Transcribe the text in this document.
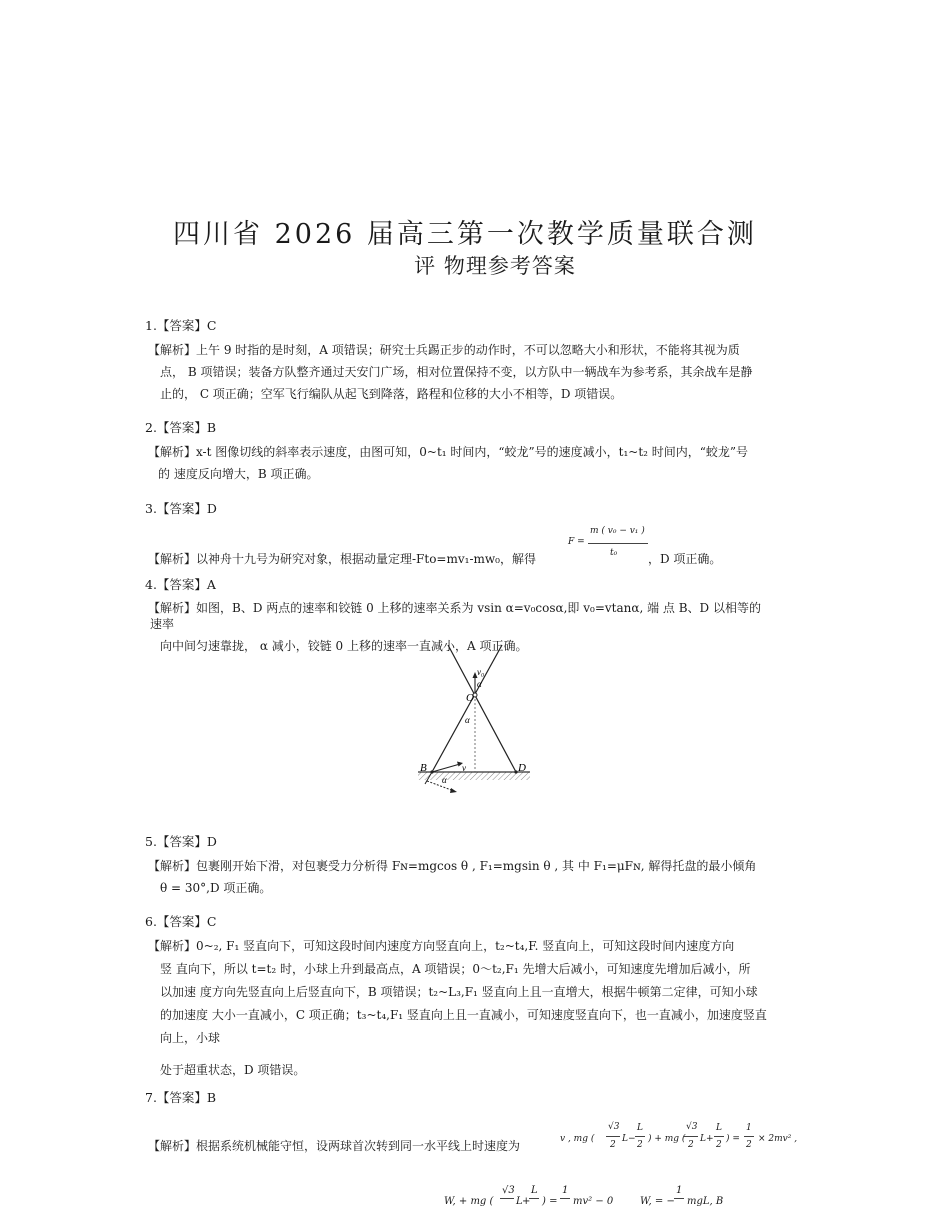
四川省 2026 届高三第一次教学质量联合测
评 物理参考答案
1.【答案】C
【解析】上午 9 时指的是时刻，A 项错误；研究士兵踢正步的动作时，不可以忽略大小和形状，不能将其视为质
点， B 项错误；装备方队整齐通过天安门广场，相对位置保持不变，以方队中一辆战车为参考系，其余战车是静
止的， C 项正确；空军飞行编队从起飞到降落，路程和位移的大小不相等，D 项错误。
2.【答案】B
【解析】x-t 图像切线的斜率表示速度，由图可知，0~t₁ 时间内，“蛟龙”号的速度减小，t₁~t₂ 时间内，“蛟龙”号
的 速度反向增大，B 项正确。
3.【答案】D
【解析】以神舟十九号为研究对象，根据动量定理-Fto=mv₁-mw₀，解得
F =
m ( v₀ − v₁ )
t₀	，D 项正确。
4.【答案】A
【解析】如图，B、D 两点的速率和铰链 0 上移的速率关系为 vsin α=v₀cosα,即 v₀=vtanα, 端 点 B、D 以相等的
速率
向中间匀速靠拢， α 减小，铰链 0 上移的速率一直减小，A 项正确。
O
v₀
α
α
α
B	D
v
5.【答案】D
【解析】包裹刚开始下滑，对包裹受力分析得 Fɴ=mgcos θ , F₁=mgsin θ , 其 中 F₁=μFɴ, 解得托盘的最小倾角
θ = 30°,D 项正确。
6.【答案】C
【解析】0~₂, F₁ 竖直向下，可知这段时间内速度方向竖直向上，t₂~t₄,F. 竖直向上，可知这段时间内速度方向
竖 直向下，所以 t=t₂ 时，小球上升到最高点，A 项错误；0～t₂,F₁ 先增大后减小，可知速度先增加后减小，所
以加速 度方向先竖直向上后竖直向下，B 项错误；t₂~L₃,F₁ 竖直向上且一直增大，根据牛顿第二定律，可知小球
的加速度 大小一直减小，C 项正确；t₃~t₄,F₁ 竖直向上且一直减小，可知速度竖直向下，也一直减小，加速度竖直
向上，小球
处于超重状态，D 项错误。
7.【答案】B
【解析】根据系统机械能守恒，设两球首次转到同一水平线上时速度为	v , mg (
√3
2
L −
L
2
) + mg (
√3
2
L +
L
2
) =
1
2
× 2mv² ,
W, + mg (
√3
L +
L
) =
1
mv² − 0	W, = −
1
mgL, B
